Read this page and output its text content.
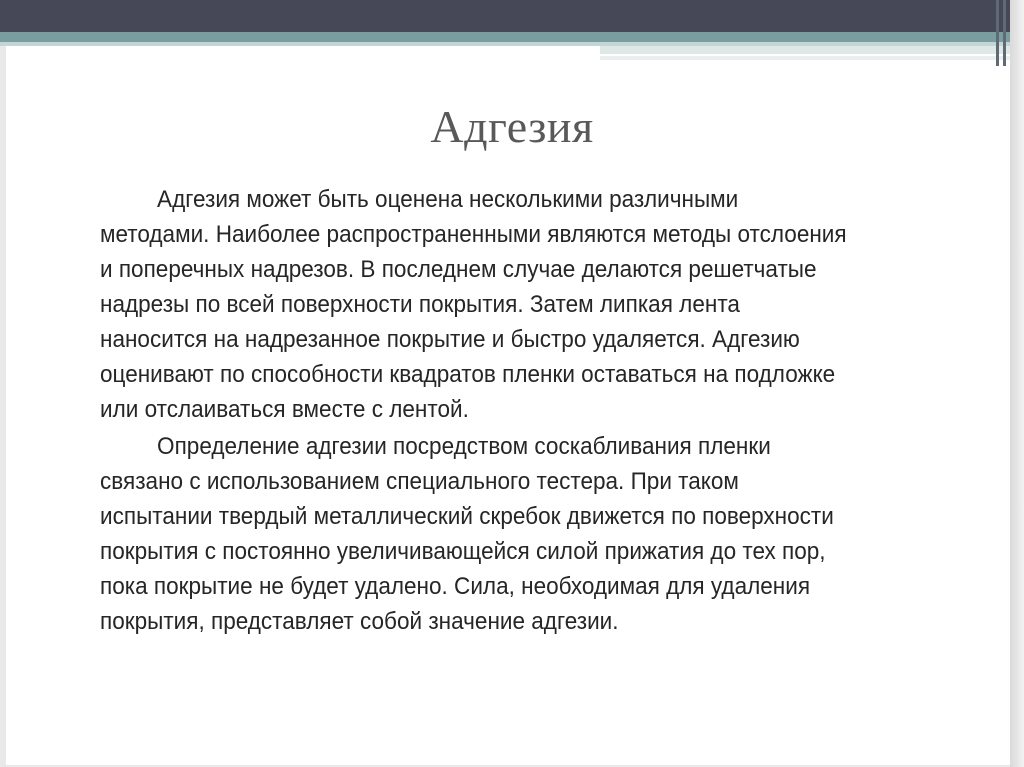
Адгезия

Адгезия может быть оценена несколькими различными
методами. Наиболее распространенными являются методы отслоения
и поперечных надрезов. В последнем случае делаются решетчатые
надрезы по всей поверхности покрытия. Затем липкая лента
наносится на надрезанное покрытие и быстро удаляется. Адгезию
оценивают по способности квадратов пленки оставаться на подложке
или отслаиваться вместе с лентой.

Определение адгезии посредством соскабливания пленки
связано с использованием специального тестера. При таком
испытании твердый металлический скребок движется по поверхности
покрытия с постоянно увеличивающейся силой прижатия до тех пор,
пока покрытие не будет удалено. Сила, необходимая для удаления
покрытия, представляет собой значение адгезии.
